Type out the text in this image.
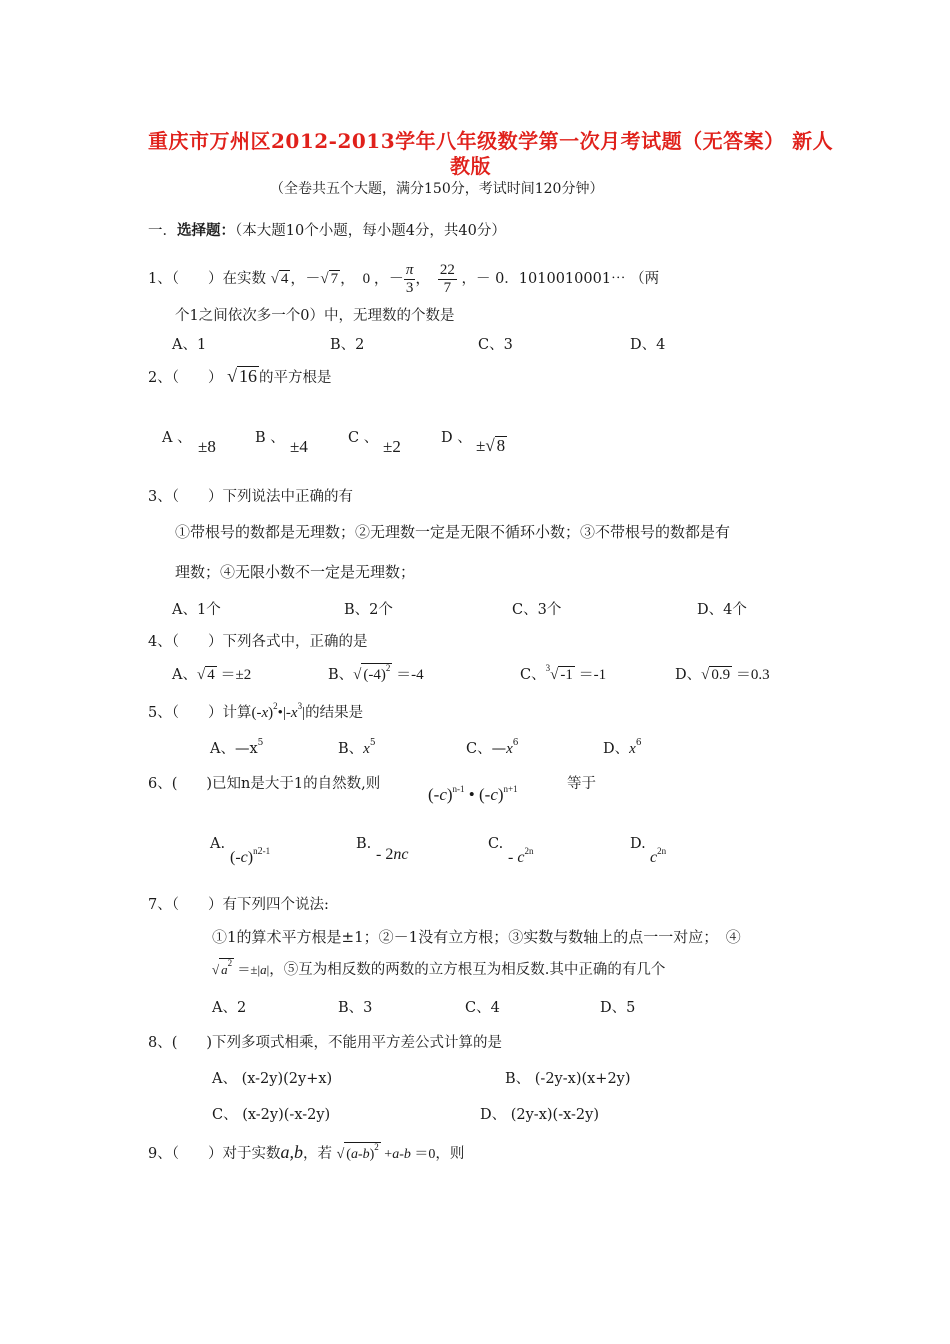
重庆市万州区2012-2013学年八年级数学第一次月考试题（无答案） 新人
教版
（全卷共五个大题，满分150分，考试时间120分钟）
一．选择题：（本大题10个小题，每小题4分，共40分）
1、（　　）在实数 √ 4 ，－√ 7 ，　0 ，－ $\frac{\pi}{3}$ ，　 $\frac{22}{7}$ ，－ 0．1010010001⋯ （两
个1之间依次多一个0）中，无理数的个数是
A、1	B、2	C、3	D、4
2、（　　） √ 16 的平方根是
A 、 ±8	B 、 ±4	C 、 ±2	D 、 ±√ 8
3、（　　）下列说法中正确的有
①带根号的数都是无理数；②无理数一定是无限不循环小数；③不带根号的数都是有
理数；④无限小数不一定是无理数；
A、1个	B、2个	C、3个	D、4个
4、（　　）下列各式中，正确的是
A、√ 4 ＝±2	B、√ $(-4)^2 =-4$	C、$^3$√ -1 ＝-1	D、√ 0.9 ＝0.3
5、（　　）计算$(-x)^2•|-x^3|$的结果是
A、$—x^5$	B、$x^5$	C、$—x^6$	D、$x^6$
6、(　　)已知n是大于1的自然数,则
$(-c)^{n-1}$ • $(-c)^{n+1}$	等于
A.
$(-c)^{n2-1}$	B.
- 2nc
C.
- $c^{2n}$	D.
$c^{2n}$
7、（　　）有下列四个说法:
①1的算术平方根是±1；②－1没有立方根；③实数与数轴上的点一一对应；　④
√ $a^2 =\pm|a|$，⑤互为相反数的两数的立方根互为相反数.其中正确的有几个
A、2	B、3	C、4	D、5
8、(　　)下列多项式相乘，不能用平方差公式计算的是
A、 (x-2y)(2y+x)	B、 (-2y-x)(x+2y)
C、 (x-2y)(-x-2y)	D、 (2y-x)(-x-2y)
9、（　　）对于实数a,b，若 √ $(a-b)^2 +a-b =0$，则
